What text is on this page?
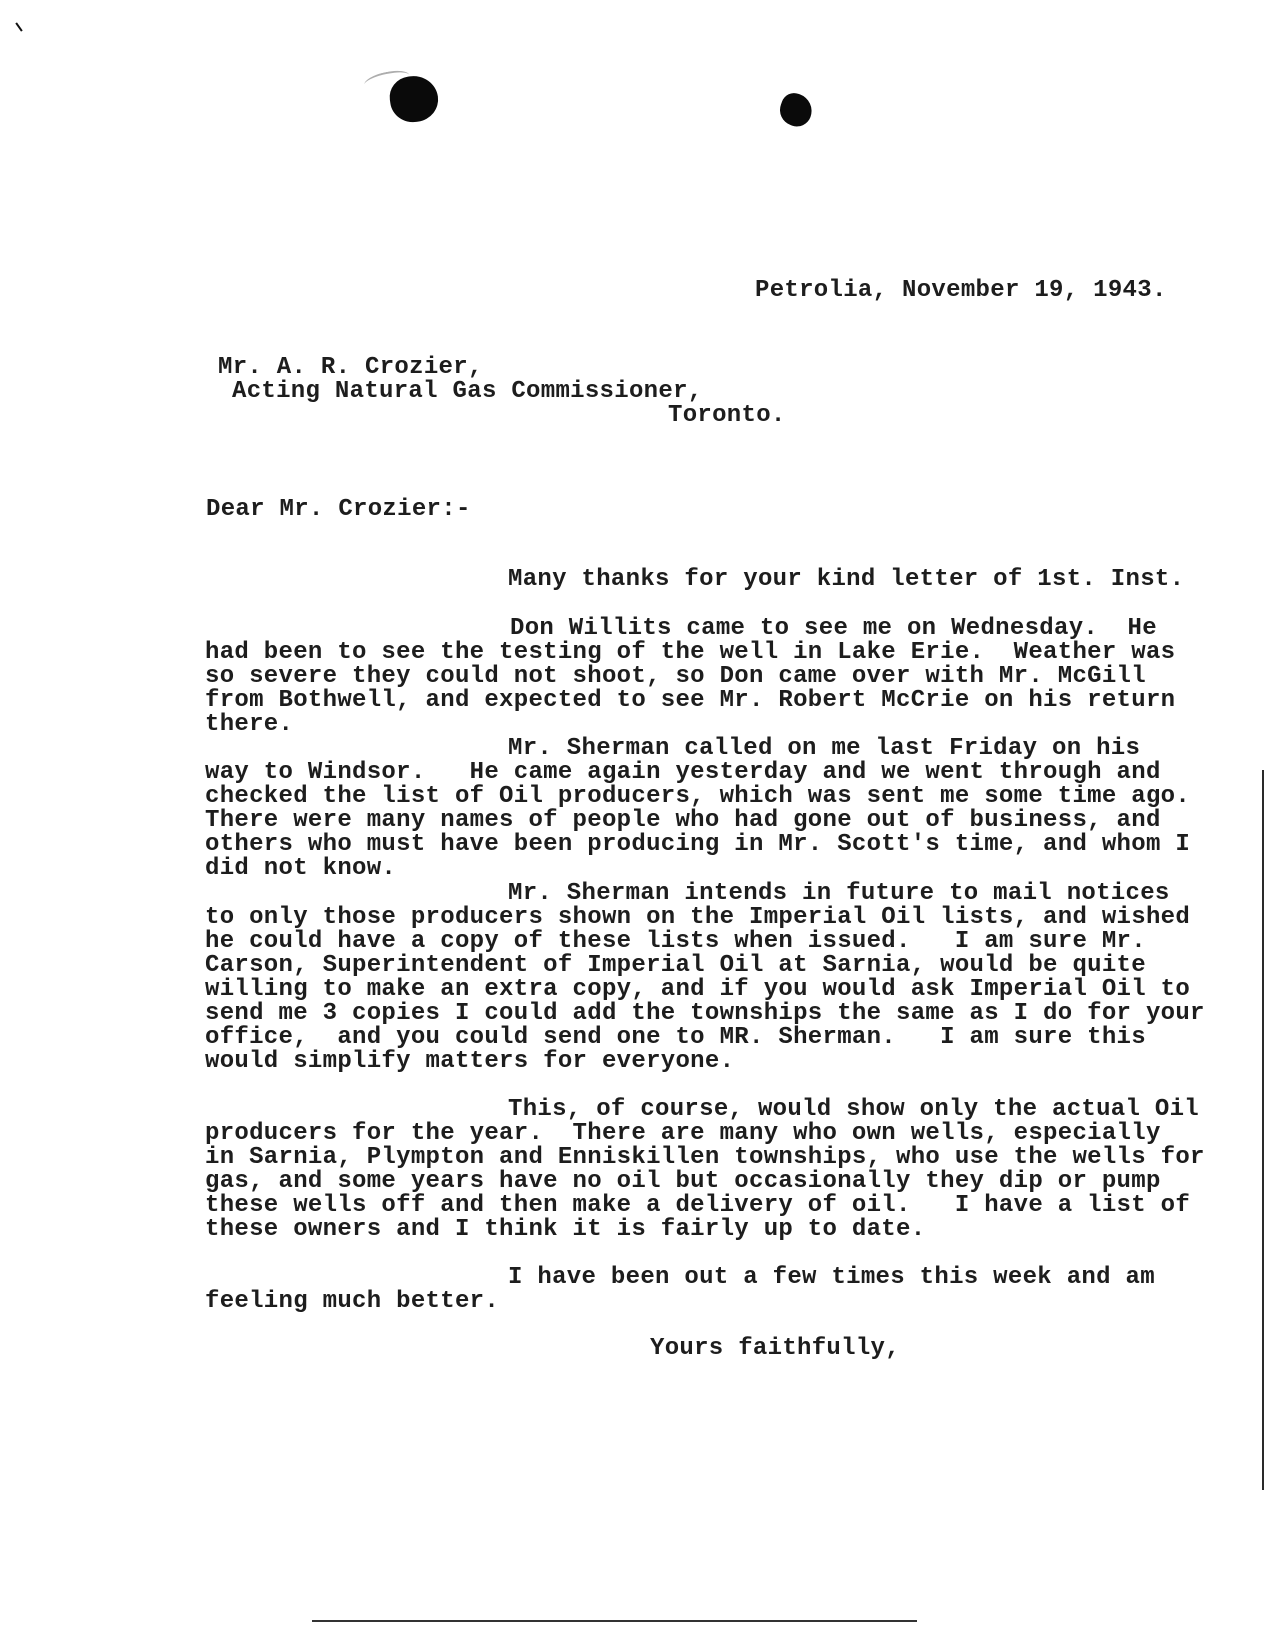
Petrolia, November 19, 1943.
Mr. A. R. Crozier,
Acting Natural Gas Commissioner,
Toronto.
Dear Mr. Crozier:-
Many thanks for your kind letter of 1st. Inst.
Don Willits came to see me on Wednesday.  He
had been to see the testing of the well in Lake Erie.  Weather was
so severe they could not shoot, so Don came over with Mr. McGill
from Bothwell, and expected to see Mr. Robert McCrie on his return
there.
Mr. Sherman called on me last Friday on his
way to Windsor.   He came again yesterday and we went through and
checked the list of Oil producers, which was sent me some time ago.
There were many names of people who had gone out of business, and
others who must have been producing in Mr. Scott's time, and whom I
did not know.
Mr. Sherman intends in future to mail notices
to only those producers shown on the Imperial Oil lists, and wished
he could have a copy of these lists when issued.   I am sure Mr.
Carson, Superintendent of Imperial Oil at Sarnia, would be quite
willing to make an extra copy, and if you would ask Imperial Oil to
send me 3 copies I could add the townships the same as I do for your
office,  and you could send one to MR. Sherman.   I am sure this
would simplify matters for everyone.
This, of course, would show only the actual Oil
producers for the year.  There are many who own wells, especially
in Sarnia, Plympton and Enniskillen townships, who use the wells for
gas, and some years have no oil but occasionally they dip or pump
these wells off and then make a delivery of oil.   I have a list of
these owners and I think it is fairly up to date.
I have been out a few times this week and am
feeling much better.
Yours faithfully,
